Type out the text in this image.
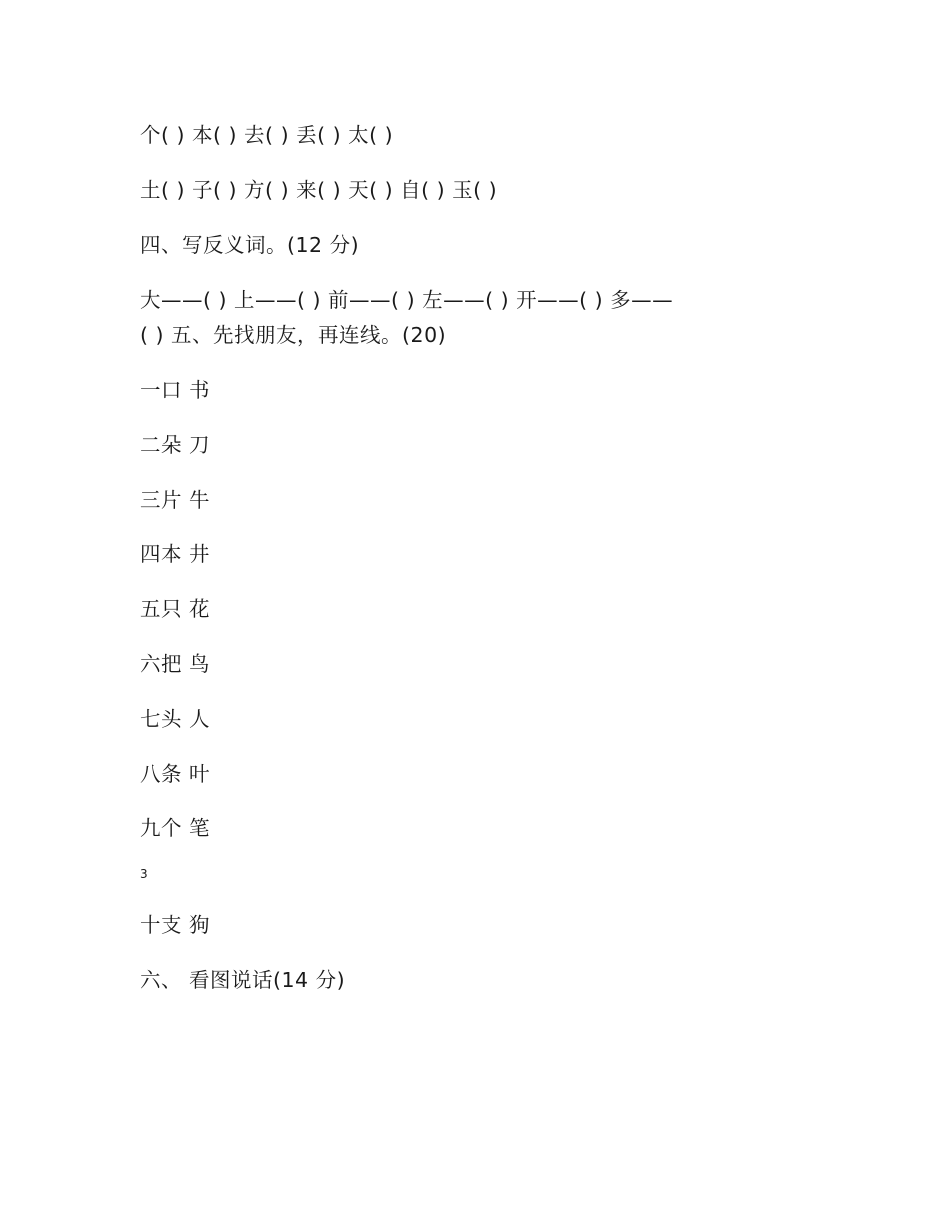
个( ) 本( ) 去( ) 丢( ) 太( )
土( ) 子( ) 方( ) 来( ) 天( ) 自( ) 玉( )
四、写反义词。(12 分)
大——( ) 上——( ) 前——( ) 左——( ) 开——( ) 多——
( ) 五、先找朋友，再连线。(20)
一口 书
二朵 刀
三片 牛
四本 井
五只 花
六把 鸟
七头 人
八条 叶
九个 笔
3
十支 狗
六、 看图说话(14 分)
